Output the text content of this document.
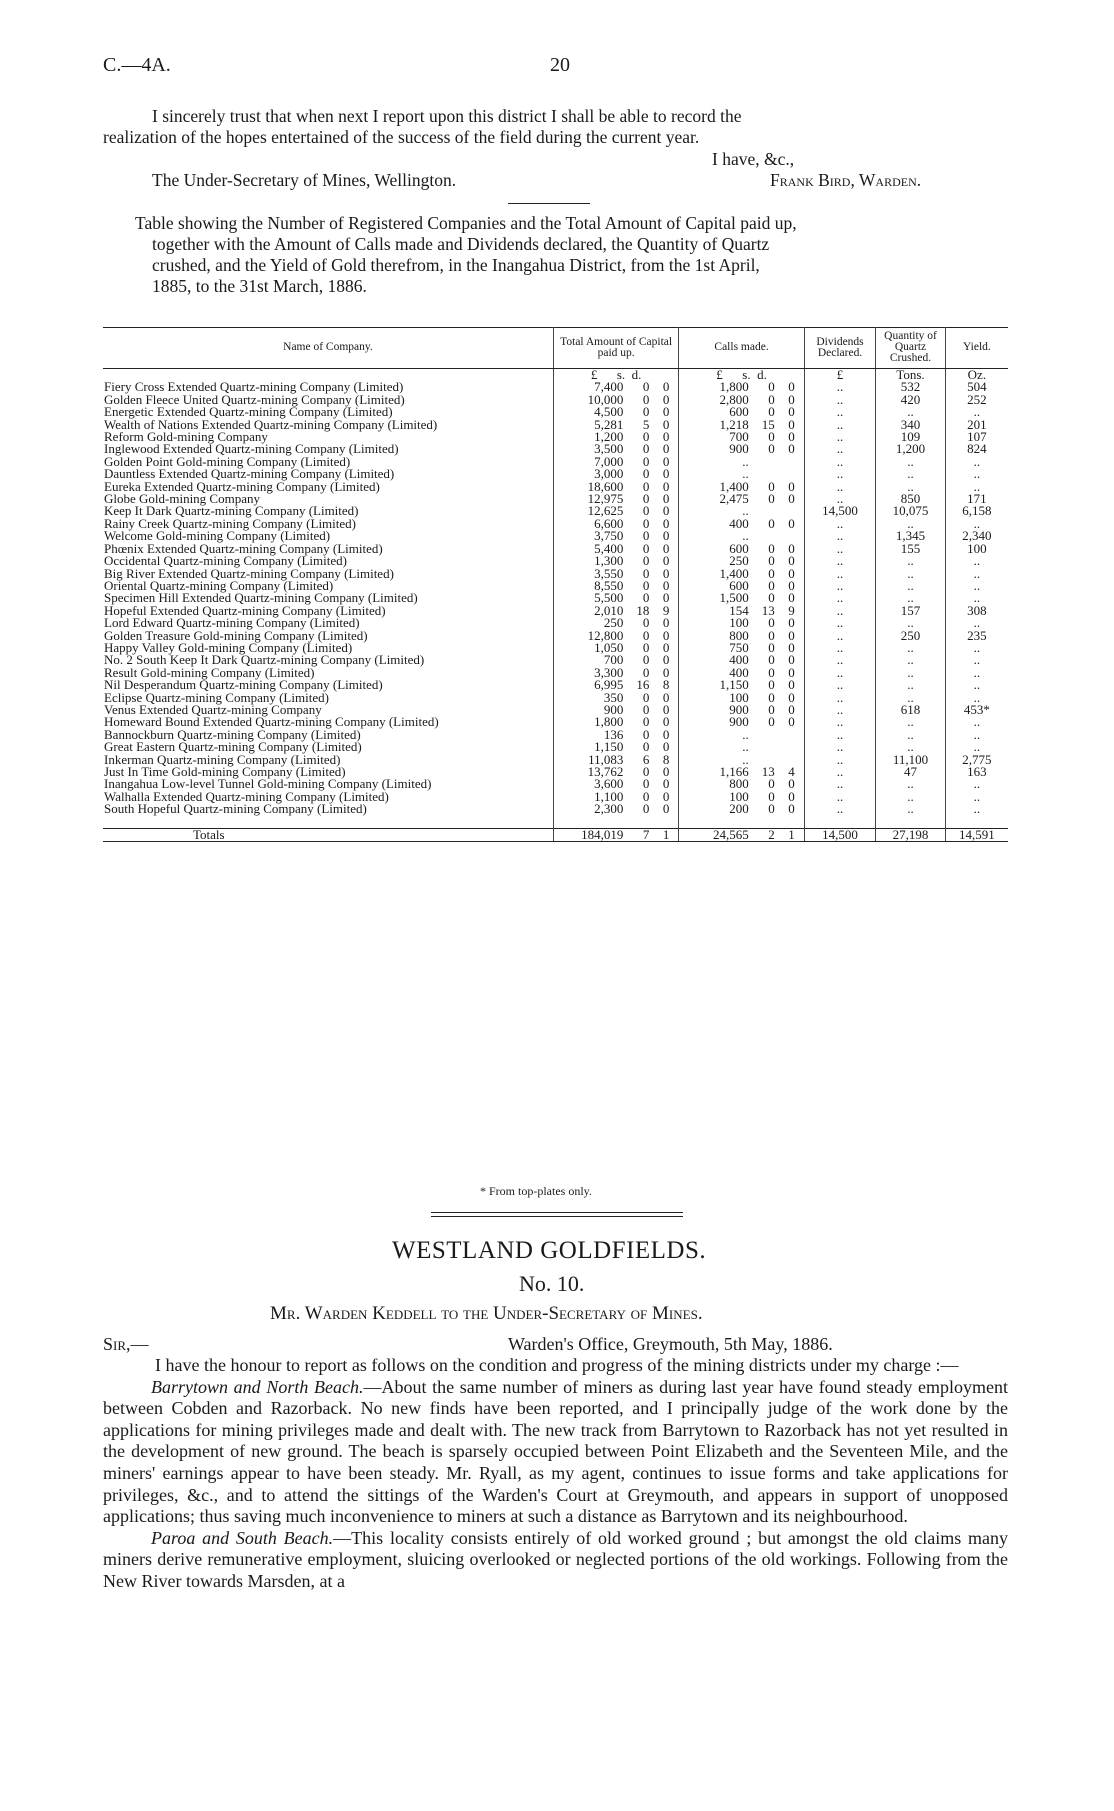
C.—4A.	20
I sincerely trust that when next I report upon this district I shall be able to record the
realization of the hopes entertained of the success of the field during the current year.
I have, &c.,
The Under-Secretary of Mines, Wellington.	Frank Bird, Warden.
Table showing the Number of Registered Companies and the Total Amount of Capital paid up,
together with the Amount of Calls made and Dividends declared, the Quantity of Quartz
crushed, and the Yield of Gold therefrom, in the Inangahua District, from the 1st April,
1885, to the 31st March, 1886.
Name of Company.	Total Amount of Capital paid up.	Calls made.	Dividends Declared.	Quantity of Quartz Crushed.	Yield.
	£ s. d.	£ s. d.	£	Tons.	Oz.
Fiery Cross Extended Quartz-mining Company (Limited)	7,400 0 0	1,800 0 0	..	532	504
Golden Fleece United Quartz-mining Company (Limited)	10,000 0 0	2,800 0 0	..	420	252
Energetic Extended Quartz-mining Company (Limited)	4,500 0 0	600 0 0	..	..	..
Wealth of Nations Extended Quartz-mining Company (Limited)	5,281 5 0	1,218 15 0	..	340	201
Reform Gold-mining Company	1,200 0 0	700 0 0	..	109	107
Inglewood Extended Quartz-mining Company (Limited)	3,500 0 0	900 0 0	..	1,200	824
Golden Point Gold-mining Company (Limited)	7,000 0 0	..	..	..	..
Dauntless Extended Quartz-mining Company (Limited)	3,000 0 0	..	..	..	..
Eureka Extended Quartz-mining Company (Limited)	18,600 0 0	1,400 0 0	..	..	..
Globe Gold-mining Company	12,975 0 0	2,475 0 0	..	850	171
Keep It Dark Quartz-mining Company (Limited)	12,625 0 0	..	14,500	10,075	6,158
Rainy Creek Quartz-mining Company (Limited)	6,600 0 0	400 0 0	..	..	..
Welcome Gold-mining Company (Limited)	3,750 0 0	..	..	1,345	2,340
Phœnix Extended Quartz-mining Company (Limited)	5,400 0 0	600 0 0	..	155	100
Occidental Quartz-mining Company (Limited)	1,300 0 0	250 0 0	..	..	..
Big River Extended Quartz-mining Company (Limited)	3,550 0 0	1,400 0 0	..	..	..
Oriental Quartz-mining Company (Limited)	8,550 0 0	600 0 0	..	..	..
Specimen Hill Extended Quartz-mining Company (Limited)	5,500 0 0	1,500 0 0	..	..	..
Hopeful Extended Quartz-mining Company (Limited)	2,010 18 9	154 13 9	..	157	308
Lord Edward Quartz-mining Company (Limited)	250 0 0	100 0 0	..	..	..
Golden Treasure Gold-mining Company (Limited)	12,800 0 0	800 0 0	..	250	235
Happy Valley Gold-mining Company (Limited)	1,050 0 0	750 0 0	..	..	..
No. 2 South Keep It Dark Quartz-mining Company (Limited)	700 0 0	400 0 0	..	..	..
Result Gold-mining Company (Limited)	3,300 0 0	400 0 0	..	..	..
Nil Desperandum Quartz-mining Company (Limited)	6,995 16 8	1,150 0 0	..	..	..
Eclipse Quartz-mining Company (Limited)	350 0 0	100 0 0	..	..	..
Venus Extended Quartz-mining Company	900 0 0	900 0 0	..	618	453*
Homeward Bound Extended Quartz-mining Company (Limited)	1,800 0 0	900 0 0	..	..	..
Bannockburn Quartz-mining Company (Limited)	136 0 0	..	..	..	..
Great Eastern Quartz-mining Company (Limited)	1,150 0 0	..	..	..	..
Inkerman Quartz-mining Company (Limited)	11,083 6 8	..	..	11,100	2,775
Just In Time Gold-mining Company (Limited)	13,762 0 0	1,166 13 4	..	47	163
Inangahua Low-level Tunnel Gold-mining Company (Limited)	3,600 0 0	800 0 0	..	..	..
Walhalla Extended Quartz-mining Company (Limited)	1,100 0 0	100 0 0	..	..	..
South Hopeful Quartz-mining Company (Limited)	2,300 0 0	200 0 0	..	..	..

Totals	184,019 7 1	24,565 2 1	14,500	27,198	14,591
* From top-plates only.
WESTLAND GOLDFIELDS.
No. 10.
Mr. Warden Keddell to the Under-Secretary of Mines.
Sir,—	Warden's Office, Greymouth, 5th May, 1886.

I have the honour to report as follows on the condition and progress of the mining districts under my charge :—

Barrytown and North Beach.—About the same number of miners as during last year have found steady employment between Cobden and Razorback. No new finds have been reported, and I principally judge of the work done by the applications for mining privileges made and dealt with. The new track from Barrytown to Razorback has not yet resulted in the development of new ground. The beach is sparsely occupied between Point Elizabeth and the Seventeen Mile, and the miners' earnings appear to have been steady. Mr. Ryall, as my agent, continues to issue forms and take applications for privileges, &c., and to attend the sittings of the Warden's Court at Greymouth, and appears in support of unopposed applications; thus saving much inconvenience to miners at such a distance as Barrytown and its neighbourhood.

Paroa and South Beach.—This locality consists entirely of old worked ground ; but amongst the old claims many miners derive remunerative employment, sluicing overlooked or neglected portions of the old workings. Following from the New River towards Marsden, at a
